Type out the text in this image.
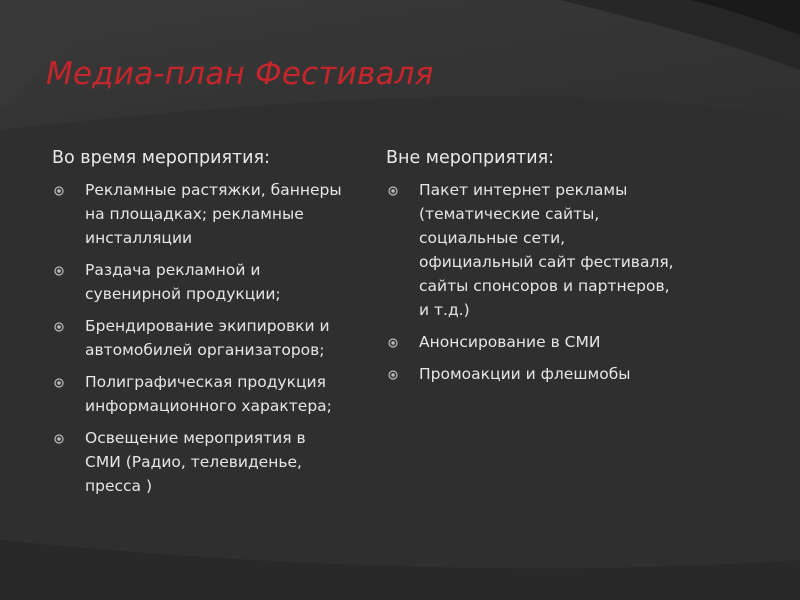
Медиа-план Фестиваля
Во время мероприятия:
Рекламные растяжки, баннеры на площадках; рекламные инсталляции
Раздача рекламной и сувенирной продукции;
Брендирование экипировки и автомобилей организаторов;
Полиграфическая продукция информационного характера;
Освещение мероприятия в СМИ (Радио, телевиденье, пресса )
Вне мероприятия:
Пакет интернет рекламы (тематические сайты, социальные сети, официальный сайт фестиваля, сайты спонсоров и партнеров, и т.д.)
Анонсирование в СМИ
Промоакции и флешмобы
